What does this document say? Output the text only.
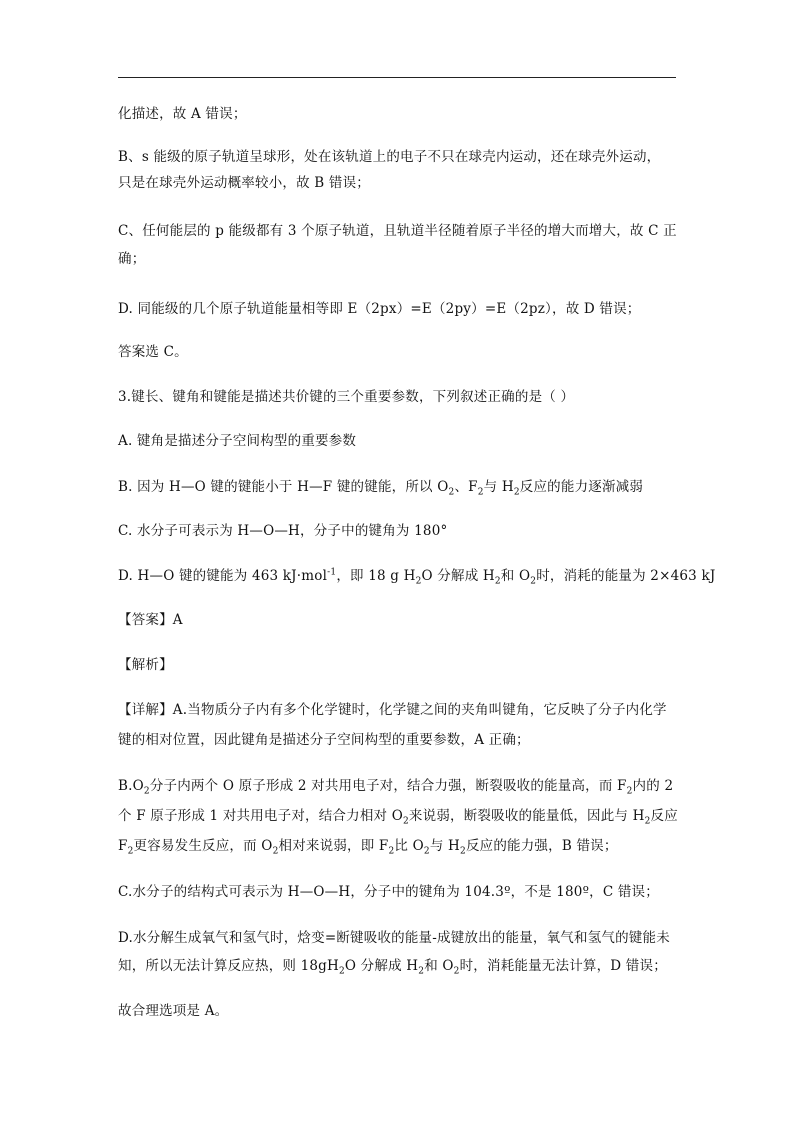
化描述，故 A 错误；
B、s 能级的原子轨道呈球形，处在该轨道上的电子不只在球壳内运动，还在球壳外运动，
只是在球壳外运动概率较小，故 B 错误；
C、任何能层的 p 能级都有 3 个原子轨道，且轨道半径随着原子半径的增大而增大，故 C 正
确；
D. 同能级的几个原子轨道能量相等即 E（2px）=E（2py）=E（2pz），故 D 错误；
答案选 C。
3.键长、键角和键能是描述共价键的三个重要参数，下列叙述正确的是（ ）
A. 键角是描述分子空间构型的重要参数
B. 因为 H—O 键的键能小于 H—F 键的键能，所以 $O_2$、$F_2$与 $H_2$反应的能力逐渐减弱
C. 水分子可表示为 H—O—H，分子中的键角为 180°
D. H—O 键的键能为 463 kJ·mol$^{-1}$，即 18 g $H_2O$ 分解成 $H_2$和 $O_2$时，消耗的能量为 2×463 kJ
【答案】A
【解析】
【详解】A.当物质分子内有多个化学键时，化学键之间的夹角叫键角，它反映了分子内化学
键的相对位置，因此键角是描述分子空间构型的重要参数，A 正确；
$B.O_2$分子内两个 O 原子形成 2 对共用电子对，结合力强，断裂吸收的能量高，而 $F_2$内的 2
个 F 原子形成 1 对共用电子对，结合力相对 $O_2$来说弱，断裂吸收的能量低，因此与 $H_2$反应
$F_2$更容易发生反应，而 $O_2$相对来说弱，即 $F_2$比 $O_2$与 $H_2$反应的能力强，B 错误；
C.水分子的结构式可表示为 H—O—H，分子中的键角为 104.3º，不是 180º，C 错误；
D.水分解生成氧气和氢气时，焓变=断键吸收的能量-成键放出的能量，氧气和氢气的键能未
知，所以无法计算反应热，则 $18gH_2O$ 分解成 $H_2$和 $O_2$时，消耗能量无法计算，D 错误；
故合理选项是 A。
